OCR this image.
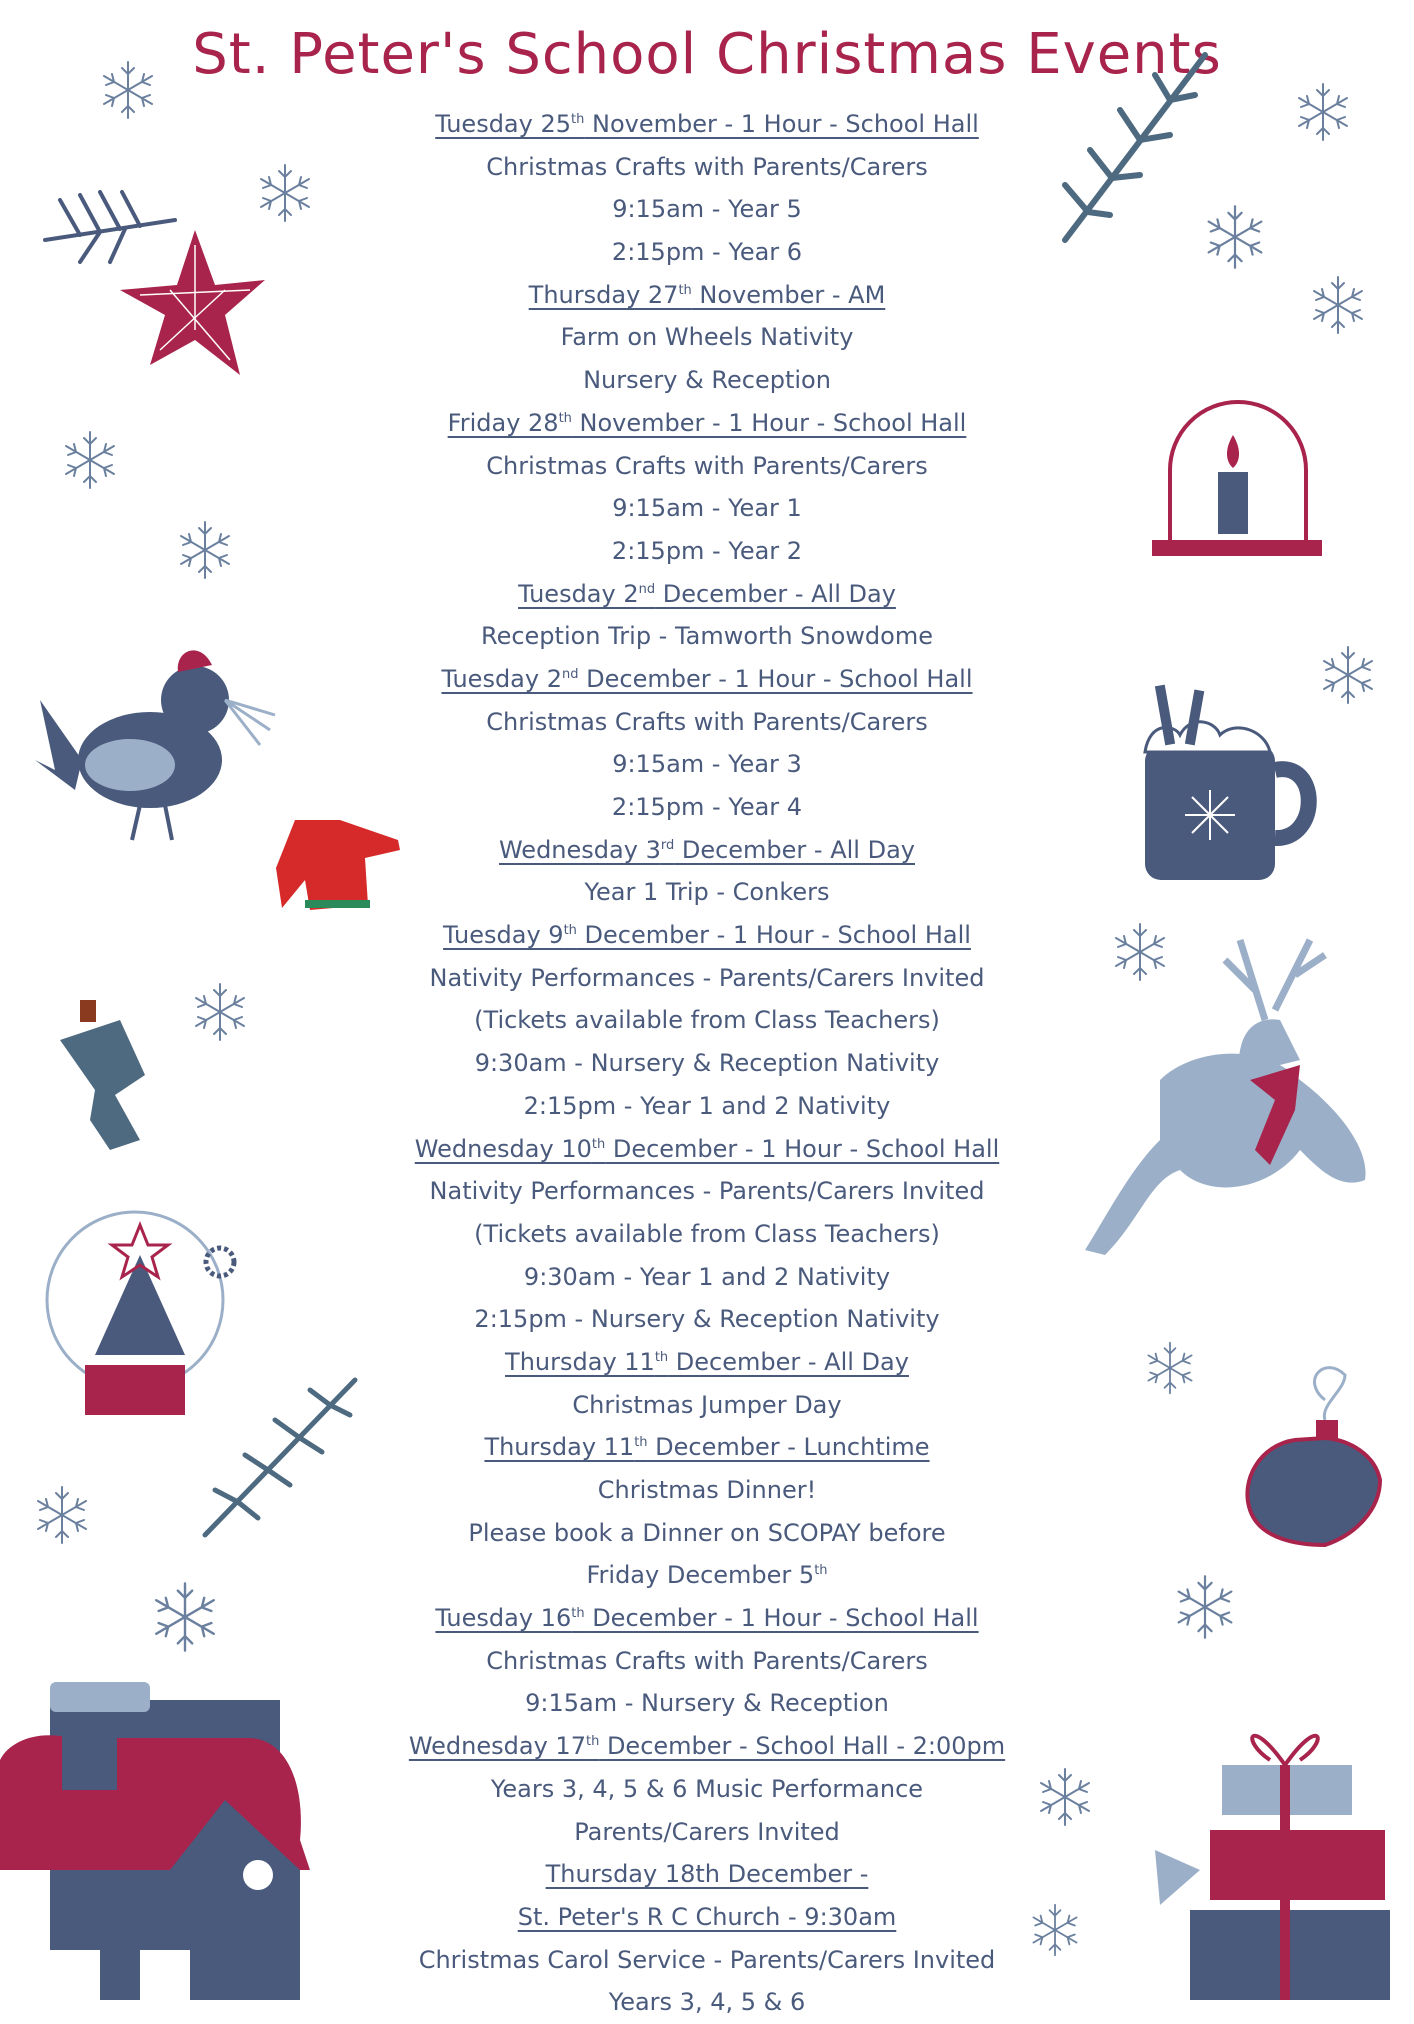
St. Peter's School Christmas Events
Tuesday 25th November - 1 Hour - School Hall
Christmas Crafts with Parents/Carers
9:15am - Year 5
2:15pm - Year 6
Thursday 27th November - AM
Farm on Wheels Nativity
Nursery & Reception
Friday 28th November - 1 Hour - School Hall
Christmas Crafts with Parents/Carers
9:15am - Year 1
2:15pm - Year 2
Tuesday 2nd December - All Day
Reception Trip - Tamworth Snowdome
Tuesday 2nd December - 1 Hour - School Hall
Christmas Crafts with Parents/Carers
9:15am - Year 3
2:15pm - Year 4
Wednesday 3rd December - All Day
Year 1 Trip - Conkers
Tuesday 9th December - 1 Hour - School Hall
Nativity Performances - Parents/Carers Invited
(Tickets available from Class Teachers)
9:30am - Nursery & Reception Nativity
2:15pm - Year 1 and 2 Nativity
Wednesday 10th December - 1 Hour - School Hall
Nativity Performances - Parents/Carers Invited
(Tickets available from Class Teachers)
9:30am - Year 1 and 2 Nativity
2:15pm - Nursery & Reception Nativity
Thursday 11th December - All Day
Christmas Jumper Day
Thursday 11th December - Lunchtime
Christmas Dinner!
Please book a Dinner on SCOPAY before
Friday December 5th
Tuesday 16th December - 1 Hour - School Hall
Christmas Crafts with Parents/Carers
9:15am - Nursery & Reception
Wednesday 17th December - School Hall - 2:00pm
Years 3, 4, 5 & 6 Music Performance
Parents/Carers Invited
Thursday 18th December -
St. Peter's R C Church - 9:30am
Christmas Carol Service - Parents/Carers Invited
Years 3, 4, 5 & 6
